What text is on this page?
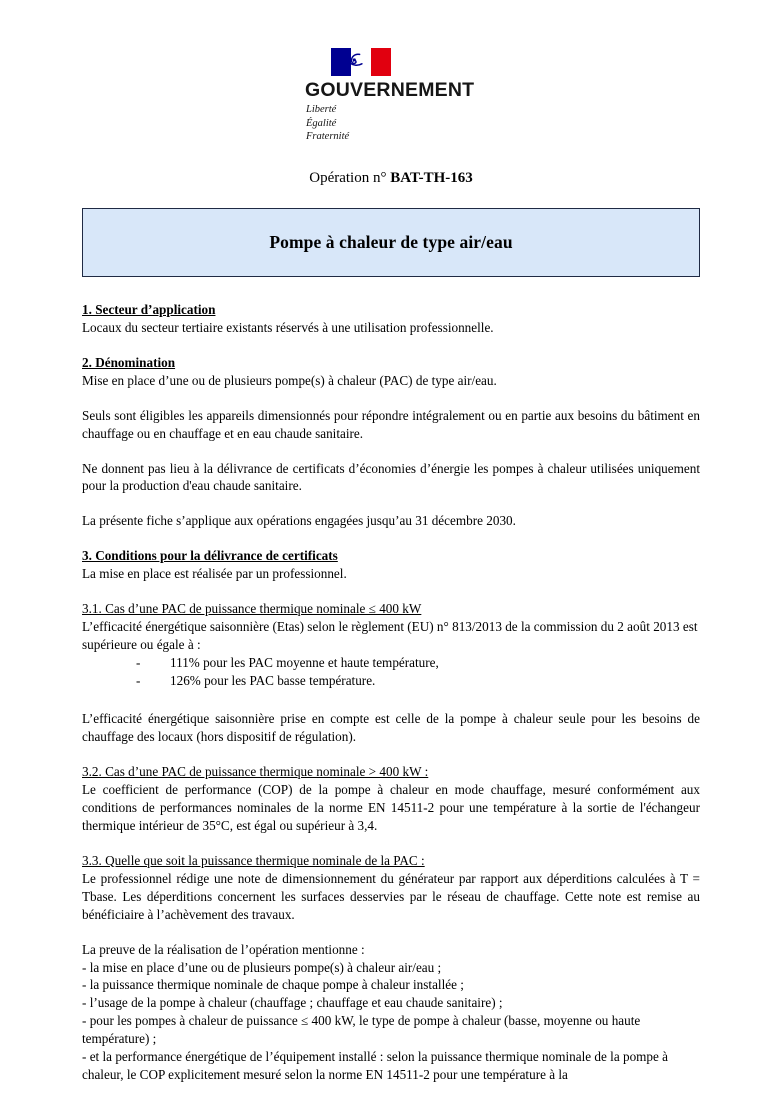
GOUVERNEMENT
Liberté
Égalité
Fraternité
Opération n° BAT-TH-163
Pompe à chaleur de type air/eau
1. Secteur d’application

Locaux du secteur tertiaire existants réservés à une utilisation professionnelle.

2. Dénomination

Mise en place d’une ou de plusieurs pompe(s) à chaleur (PAC) de type air/eau.

Seuls sont éligibles les appareils dimensionnés pour répondre intégralement ou en partie aux besoins du bâtiment en chauffage ou en chauffage et en eau chaude sanitaire.

Ne donnent pas lieu à la délivrance de certificats d’économies d’énergie les pompes à chaleur utilisées uniquement pour la production d'eau chaude sanitaire.

La présente fiche s’applique aux opérations engagées jusqu’au 31 décembre 2030.

3. Conditions pour la délivrance de certificats

La mise en place est réalisée par un professionnel.

3.1. Cas d’une PAC de puissance thermique nominale ≤ 400 kW

L’efficacité énergétique saisonnière (Etas) selon le règlement (EU) n° 813/2013 de la commission du 2 août 2013 est supérieure ou égale à :

-	111% pour les PAC moyenne et haute température,
-	126% pour les PAC basse température.

L’efficacité énergétique saisonnière prise en compte est celle de la pompe à chaleur seule pour les besoins de chauffage des locaux (hors dispositif de régulation).

3.2. Cas d’une PAC de puissance thermique nominale > 400 kW :

Le coefficient de performance (COP) de la pompe à chaleur en mode chauffage, mesuré conformément aux conditions de performances nominales de la norme EN 14511-2 pour une température à la sortie de l'échangeur thermique intérieur de 35°C, est égal ou supérieur à 3,4.

3.3. Quelle que soit la puissance thermique nominale de la PAC :

Le professionnel rédige une note de dimensionnement du générateur par rapport aux déperditions calculées à T = Tbase. Les déperditions concernent les surfaces desservies par le réseau de chauffage. Cette note est remise au bénéficiaire à l’achèvement des travaux.

La preuve de la réalisation de l’opération mentionne :

- la mise en place d’une ou de plusieurs pompe(s) à chaleur air/eau ;
- la puissance thermique nominale de chaque pompe à chaleur installée ;
- l’usage de la pompe à chaleur (chauffage ; chauffage et eau chaude sanitaire) ;
- pour les pompes à chaleur de puissance ≤ 400 kW, le type de pompe à chaleur (basse, moyenne ou haute température) ;
- et la performance énergétique de l’équipement installé : selon la puissance thermique nominale de la pompe à chaleur, le COP explicitement mesuré selon la norme EN 14511-2 pour une température à la
